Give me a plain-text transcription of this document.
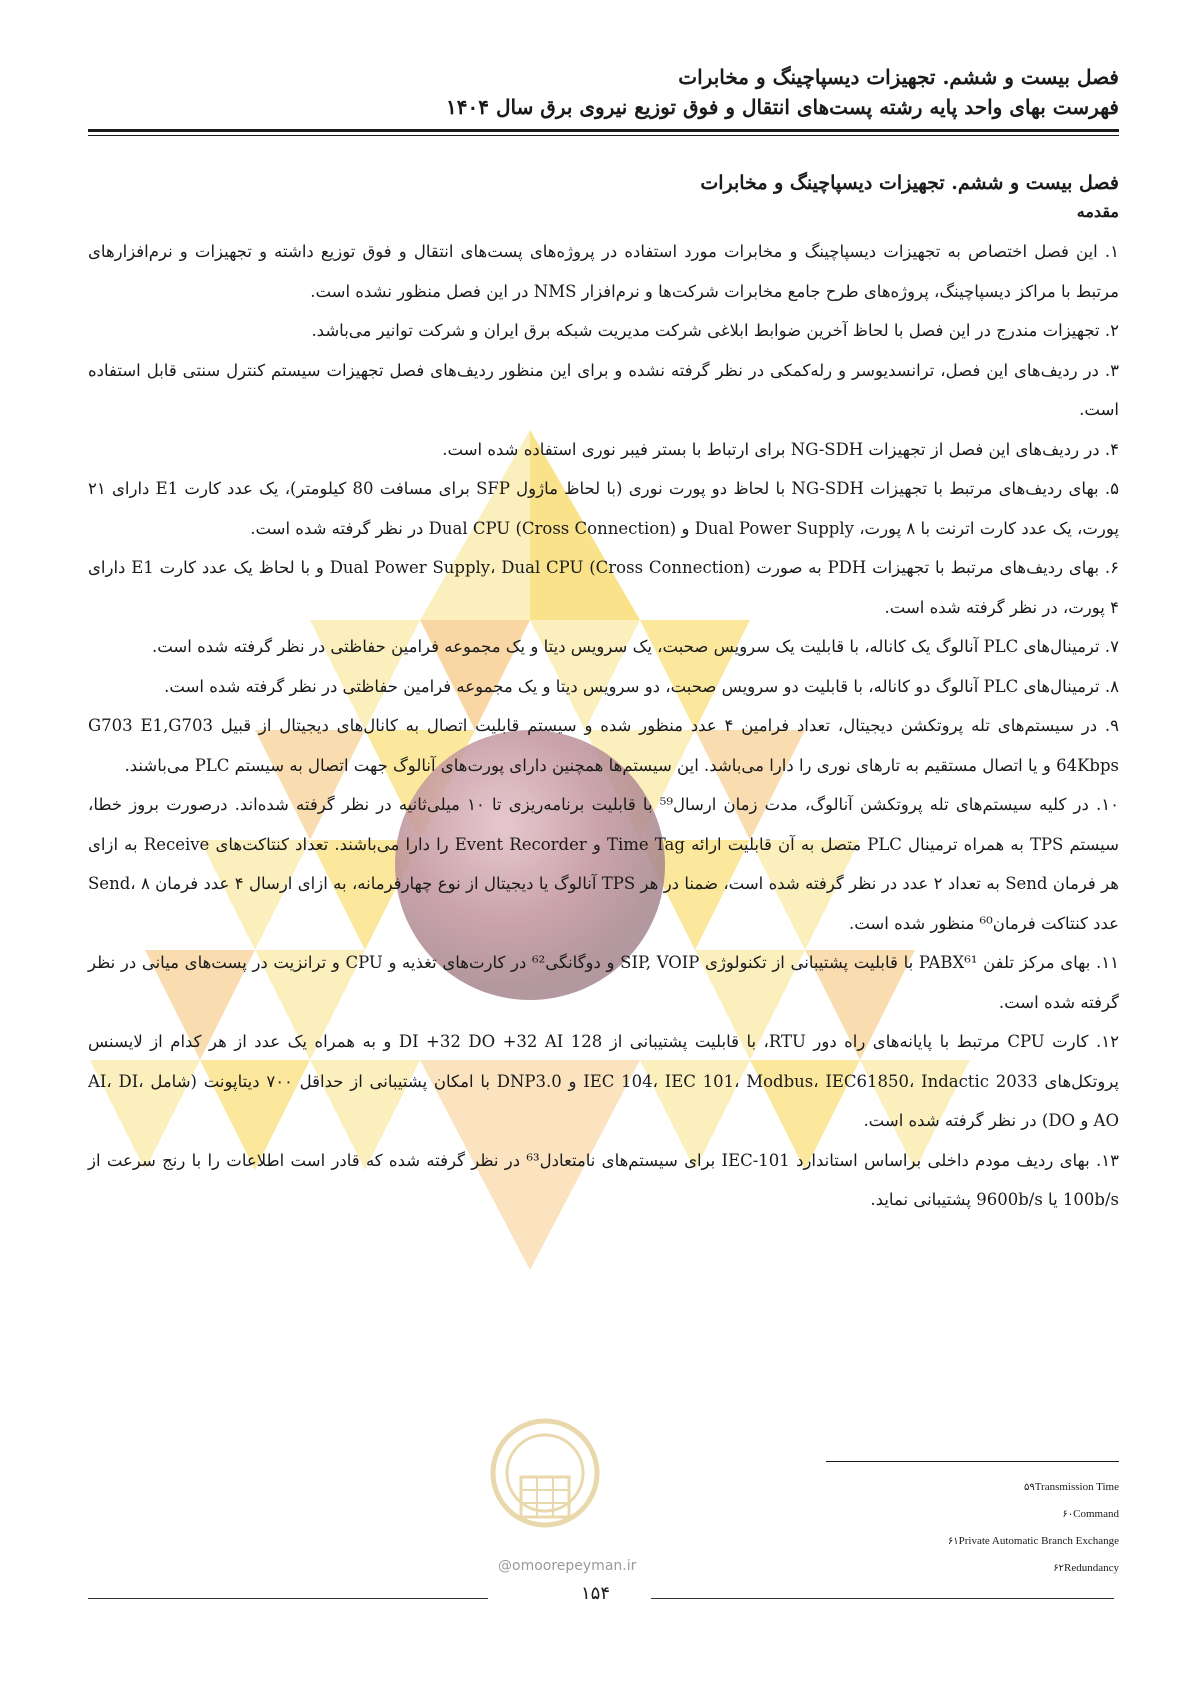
@omoorepeyman.ir
فصل بیست و ششم. تجهیزات دیسپاچینگ و مخابرات
فهرست بهای واحد پایه رشته پست‌های انتقال و فوق توزیع نیروی برق سال ۱۴۰۴
فصل بیست و ششم. تجهیزات دیسپاچینگ و مخابرات
مقدمه

۱. این فصل اختصاص به تجهیزات دیسپاچینگ و مخابرات مورد استفاده در پروژه‌های پست‌های انتقال و فوق توزیع داشته و تجهیزات و نرم‌افزارهای مرتبط با مراکز دیسپاچینگ، پروژه‌های طرح جامع مخابرات شرکت‌ها و نرم‌افزار NMS در این فصل منظور نشده است.

۲. تجهیزات مندرج در این فصل با لحاظ آخرین ضوابط ابلاغی شرکت مدیریت شبکه برق ایران و شرکت توانیر می‌باشد.

۳. در ردیف‌های این فصل، ترانسدیوسر و رله‌کمکی در نظر گرفته نشده و برای این منظور ردیف‌های فصل تجهیزات سیستم کنترل سنتی قابل استفاده است.

۴. در ردیف‌های این فصل از تجهیزات NG-SDH برای ارتباط با بستر فیبر نوری استفاده شده است.

۵. بهای ردیف‌های مرتبط با تجهیزات NG-SDH با لحاظ دو پورت نوری (با لحاظ ماژول SFP برای مسافت 80 کیلومتر)، یک عدد کارت E1 دارای ۲۱ پورت، یک عدد کارت اترنت با ۸ پورت، Dual Power Supply و Dual CPU (Cross Connection) در نظر گرفته شده است.

۶. بهای ردیف‌های مرتبط با تجهیزات PDH به صورت Dual Power Supply، Dual CPU (Cross Connection) و با لحاظ یک عدد کارت E1 دارای ۴ پورت، در نظر گرفته شده است.

۷. ترمینال‌های PLC آنالوگ یک کاناله، با قابلیت یک سرویس صحبت، یک سرویس دیتا و یک مجموعه فرامین حفاظتی در نظر گرفته شده است.

۸. ترمینال‌های PLC آنالوگ دو کاناله، با قابلیت دو سرویس صحبت، دو سرویس دیتا و یک مجموعه فرامین حفاظتی در نظر گرفته شده است.

۹. در سیستم‌های تله پروتکشن دیجیتال، تعداد فرامین ۴ عدد منظور شده و سیستم قابلیت اتصال به کانال‌های دیجیتال از قبیل G703 E1,G703 64Kbps و یا اتصال مستقیم به تارهای نوری را دارا می‌باشد. این سیستم‌ها همچنین دارای پورت‌های آنالوگ جهت اتصال به سیستم PLC می‌باشند.

۱۰. در کلیه سیستم‌های تله پروتکشن آنالوگ، مدت زمان ارسال⁵⁹ با قابلیت برنامه‌ریزی تا ۱۰ میلی‌ثانیه در نظر گرفته شده‌اند. درصورت بروز خطا، سیستم TPS به همراه ترمینال PLC متصل به آن قابلیت ارائه Time Tag و Event Recorder را دارا می‌باشند. تعداد کنتاکت‌های Receive به ازای هر فرمان Send به تعداد ۲ عدد در نظر گرفته شده است، ضمنا در هر TPS آنالوگ یا دیجیتال از نوع چهارفرمانه، به ازای ارسال ۴ عدد فرمان Send، ۸ عدد کنتاکت فرمان⁶⁰ منظور شده است.

۱۱. بهای مرکز تلفن PABX⁶¹ با قابلیت پشتیبانی از تکنولوژی SIP, VOIP و دوگانگی⁶² در کارت‌های تغذیه و CPU و ترانزیت در پست‌های میانی در نظر گرفته شده است.

۱۲. کارت CPU مرتبط با پایانه‌های راه دور RTU، با قابلیت پشتیبانی از 128 DI +32 DO +32 AI و به همراه یک عدد از هر کدام از لایسنس پروتکل‌های IEC 104، IEC 101، Modbus، IEC61850، Indactic 2033 و DNP3.0 با امکان پشتیبانی از حداقل ۷۰۰ دیتاپونت (شامل AI، DI، AO و DO) در نظر گرفته شده است.

۱۳. بهای ردیف مودم داخلی براساس استاندارد IEC-101 برای سیستم‌های نامتعادل⁶³ در نظر گرفته شده که قادر است اطلاعات را با رنج سرعت از 100b/s یا 9600b/s پشتیبانی نماید.

۵۹Transmission Time
۶۰Command
۶۱Private Automatic Branch Exchange
۶۲Redundancy
۱۵۴
